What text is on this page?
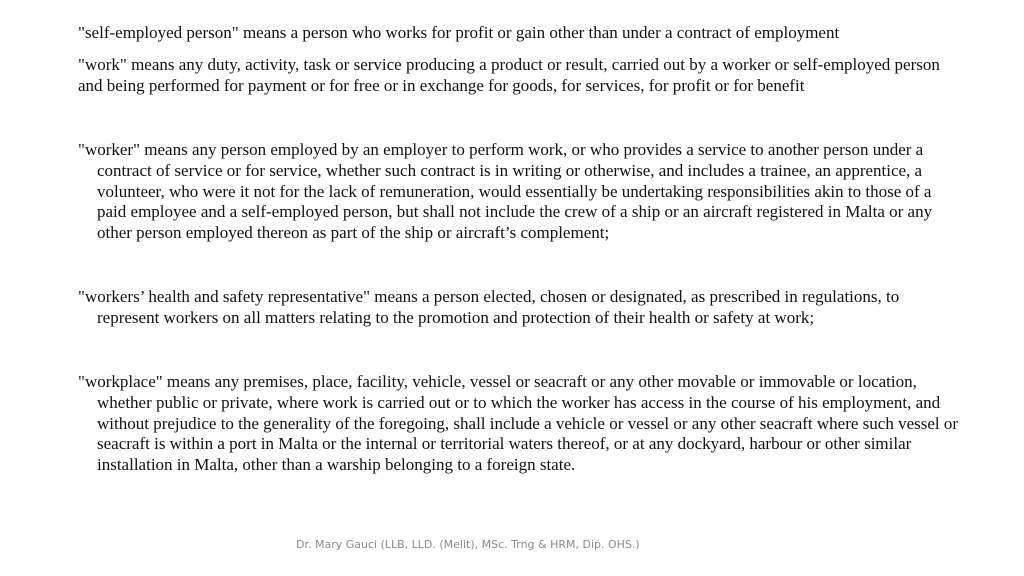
"self-employed person" means a person who works for profit or gain other than under a contract of employment

"work" means any duty, activity, task or service producing a product or result, carried out by a worker or self-employed person and being performed for payment or for free or in exchange for goods, for services, for profit or for benefit

"worker" means any person employed by an employer to perform work, or who provides a service to another person under a contract of service or for service, whether such contract is in writing or otherwise, and includes a trainee, an apprentice, a volunteer, who were it not for the lack of remuneration, would essentially be undertaking responsibilities akin to those of a paid employee and a self-employed person, but shall not include the crew of a ship or an aircraft registered in Malta or any other person employed thereon as part of the ship or aircraft’s complement;

"workers’ health and safety representative" means a person elected, chosen or designated, as prescribed in regulations, to represent workers on all matters relating to the promotion and protection of their health or safety at work;

"workplace" means any premises, place, facility, vehicle, vessel or seacraft or any other movable or immovable or location, whether public or private, where work is carried out or to which the worker has access in the course of his employment, and without prejudice to the generality of the foregoing, shall include a vehicle or vessel or any other seacraft where such vessel or seacraft is within a port in Malta or the internal or territorial waters thereof, or at any dockyard, harbour or other similar installation in Malta, other than a warship belonging to a foreign state.

Dr. Mary Gauci (LLB, LLD. (Melit), MSc. Trng & HRM, Dip. OHS.)
